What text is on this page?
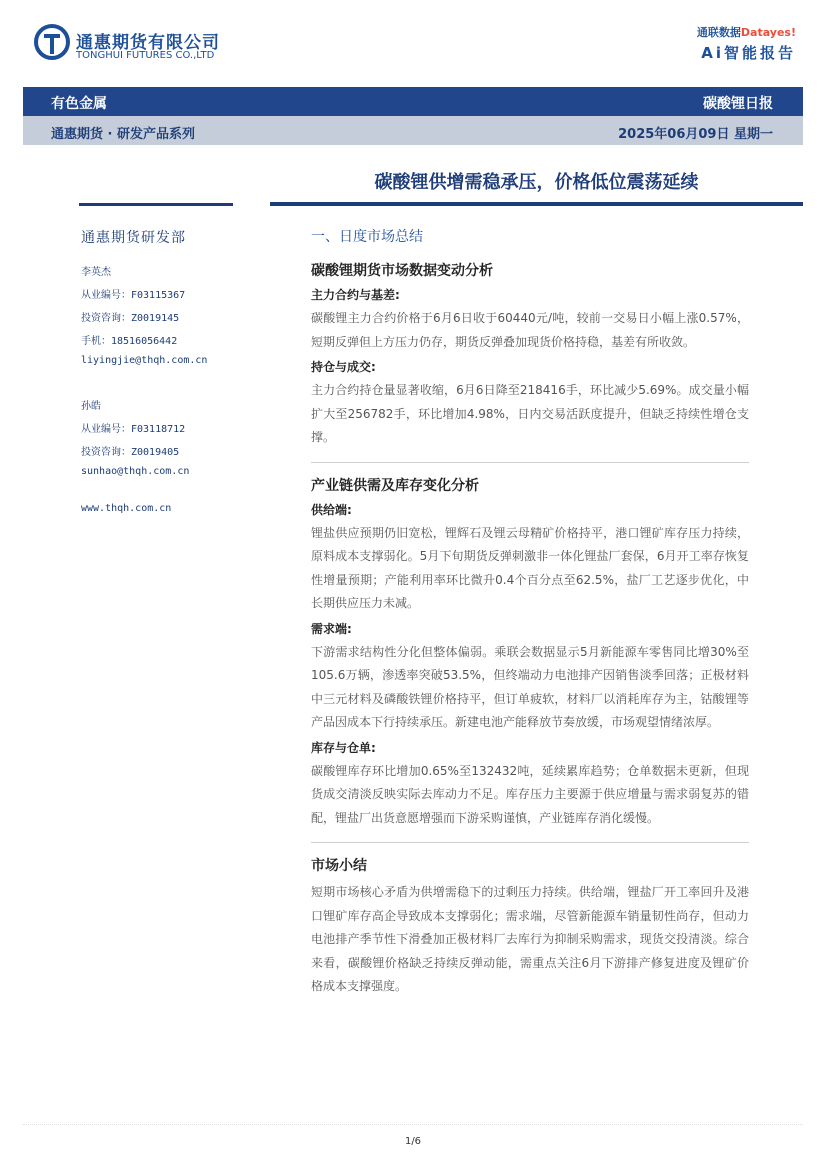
通惠期货有限公司
TONGHUI FUTURES CO.,LTD
通联数据Datayes!
Ai智能报告
有色金属	碳酸锂日报
通惠期货 · 研发产品系列	2025年06月09日 星期一
碳酸锂供增需稳承压，价格低位震荡延续
通惠期货研发部
李英杰
从业编号：F03115367
投资咨询：Z0019145
手机：18516056442
liyingjie@thqh.com.cn
孙皓
从业编号：F03118712
投资咨询：Z0019405
sunhao@thqh.com.cn
www.thqh.com.cn
一、日度市场总结
碳酸锂期货市场数据变动分析
主力合约与基差:
碳酸锂主力合约价格于6月6日收于60440元/吨，较前一交易日小幅上涨0.57%，短期反弹但上方压力仍存，期货反弹叠加现货价格持稳，基差有所收敛。
持仓与成交:
主力合约持仓量显著收缩，6月6日降至218416手，环比减少5.69%。成交量小幅扩大至256782手，环比增加4.98%，日内交易活跃度提升，但缺乏持续性增仓支撑。
产业链供需及库存变化分析
供给端:
锂盐供应预期仍旧宽松，锂辉石及锂云母精矿价格持平，港口锂矿库存压力持续，原料成本支撑弱化。5月下旬期货反弹刺激非一体化锂盐厂套保，6月开工率存恢复性增量预期；产能利用率环比微升0.4个百分点至62.5%，盐厂工艺逐步优化，中长期供应压力未减。
需求端:
下游需求结构性分化但整体偏弱。乘联会数据显示5月新能源车零售同比增30%至105.6万辆，渗透率突破53.5%，但终端动力电池排产因销售淡季回落；正极材料中三元材料及磷酸铁锂价格持平，但订单疲软，材料厂以消耗库存为主，钴酸锂等产品因成本下行持续承压。新建电池产能释放节奏放缓，市场观望情绪浓厚。
库存与仓单:
碳酸锂库存环比增加0.65%至132432吨，延续累库趋势；仓单数据未更新，但现货成交清淡反映实际去库动力不足。库存压力主要源于供应增量与需求弱复苏的错配，锂盐厂出货意愿增强而下游采购谨慎，产业链库存消化缓慢。
市场小结
短期市场核心矛盾为供增需稳下的过剩压力持续。供给端，锂盐厂开工率回升及港口锂矿库存高企导致成本支撑弱化；需求端，尽管新能源车销量韧性尚存，但动力电池排产季节性下滑叠加正极材料厂去库行为抑制采购需求，现货交投清淡。综合来看，碳酸锂价格缺乏持续反弹动能，需重点关注6月下游排产修复进度及锂矿价格成本支撑强度。
1/6
